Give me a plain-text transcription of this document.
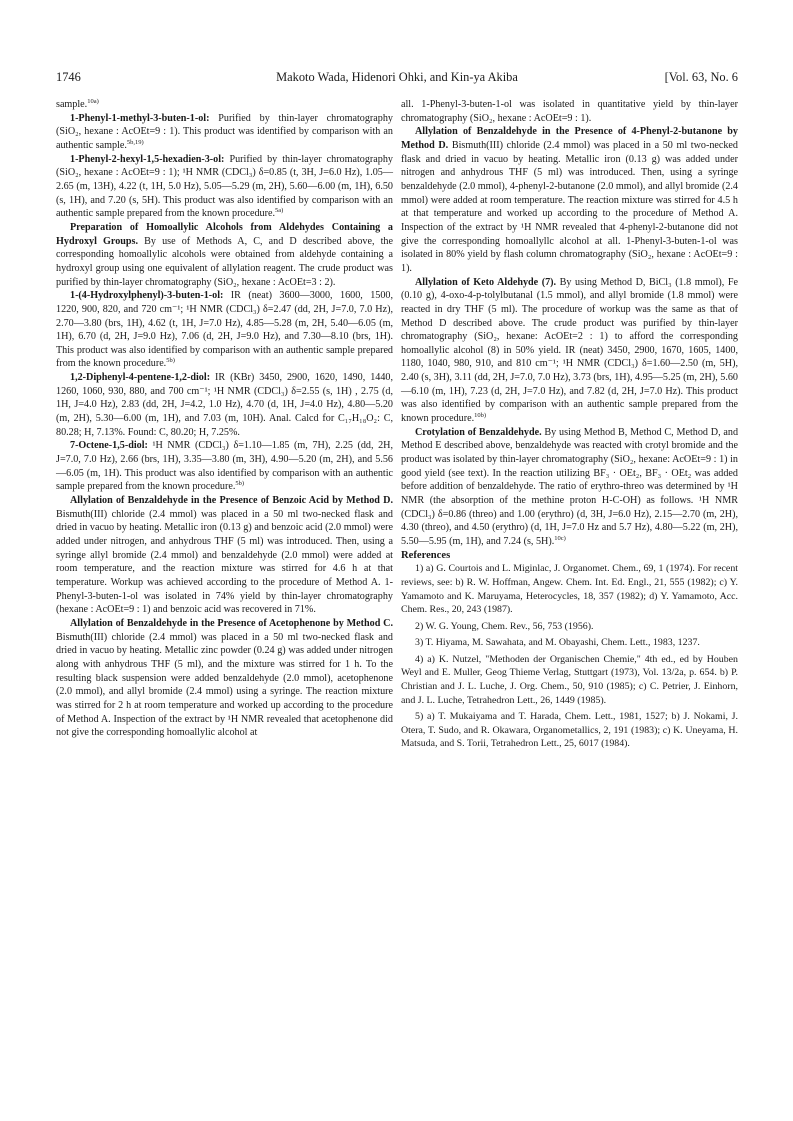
1746	Makoto Wada, Hidenori Ohki, and Kin-ya Akiba	[Vol. 63, No. 6

sample.$^{10a)}$

1-Phenyl-1-methyl-3-buten-1-ol: Purified by thin-layer chromatography (SiO₂, hexane : AcOEt=9 : 1). This product was identified by comparison with an authentic sample.$^{5b,19)}$

1-Phenyl-2-hexyl-1,5-hexadien-3-ol: Purified by thin-layer chromatography (SiO₂, hexane : AcOEt=9 : 1); ¹H NMR (CDCl₃) δ=0.85 (t, 3H, J=6.0 Hz), 1.05—2.65 (m, 13H), 4.22 (t, 1H, 5.0 Hz), 5.05—5.29 (m, 2H), 5.60—6.00 (m, 1H), 6.50 (s, 1H), and 7.20 (s, 5H). This product was also identified by comparison with an authentic sample prepared from the known procedure.$^{5a)}$

Preparation of Homoallylic Alcohols from Aldehydes Containing a Hydroxyl Groups. By use of Methods A, C, and D described above, the corresponding homoallylic alcohols were obtained from aldehyde containing a hydroxyl group using one equivalent of allylation reagent. The crude product was purified by thin-layer chromatography (SiO₂, hexane : AcOEt=3 : 2).

1-(4-Hydroxylphenyl)-3-buten-1-ol: IR (neat) 3600—3000, 1600, 1500, 1220, 900, 820, and 720 cm⁻¹; ¹H NMR (CDCl₃) δ=2.47 (dd, 2H, J=7.0, 7.0 Hz), 2.70—3.80 (brs, 1H), 4.62 (t, 1H, J=7.0 Hz), 4.85—5.28 (m, 2H, 5.40—6.05 (m, 1H), 6.70 (d, 2H, J=9.0 Hz), 7.06 (d, 2H, J=9.0 Hz), and 7.30—8.10 (brs, 1H). This product was also identified by comparison with an authentic sample prepared from the known procedure.$^{5b)}$

1,2-Diphenyl-4-pentene-1,2-diol: IR (KBr) 3450, 2900, 1620, 1490, 1440, 1260, 1060, 930, 880, and 700 cm⁻¹; ¹H NMR (CDCl₃) δ=2.55 (s, 1H) , 2.75 (d, 1H, J=4.0 Hz), 2.83 (dd, 2H, J=4.2, 1.0 Hz), 4.70 (d, 1H, J=4.0 Hz), 4.80—5.20 (m, 2H), 5.30—6.00 (m, 1H), and 7.03 (m, 10H). Anal. Calcd for C₁₇H₁₈O₂: C, 80.28; H, 7.13%. Found: C, 80.20; H, 7.25%.

7-Octene-1,5-diol: ¹H NMR (CDCl₃) δ=1.10—1.85 (m, 7H), 2.25 (dd, 2H, J=7.0, 7.0 Hz), 2.66 (brs, 1H), 3.35—3.80 (m, 3H), 4.90—5.20 (m, 2H), and 5.56—6.05 (m, 1H). This product was also identified by comparison with an authentic sample prepared from the known procedure.$^{5b)}$

Allylation of Benzaldehyde in the Presence of Benzoic Acid by Method D. Bismuth(III) chloride (2.4 mmol) was placed in a 50 ml two-necked flask and dried in vacuo by heating. Metallic iron (0.13 g) and benzoic acid (2.0 mmol) were added under nitrogen, and anhydrous THF (5 ml) was introduced. Then, using a syringe allyl bromide (2.4 mmol) and benzaldehyde (2.0 mmol) were added at room temperature, and the reaction mixture was stirred for 4.6 h at that temperature. Workup was achieved according to the procedure of Method A. 1-Phenyl-3-buten-1-ol was isolated in 74% yield by thin-layer chromatography (hexane : AcOEt=9 : 1) and benzoic acid was recovered in 71%.

Allylation of Benzaldehyde in the Presence of Acetophenone by Method C. Bismuth(III) chloride (2.4 mmol) was placed in a 50 ml two-necked flask and dried in vacuo by heating. Metallic zinc powder (0.24 g) was added under nitrogen along with anhydrous THF (5 ml), and the mixture was stirred for 1 h. To the resulting black suspension were added benzaldehyde (2.0 mmol), acetophenone (2.0 mmol), and allyl bromide (2.4 mmol) using a syringe. The reaction mixture was stirred for 2 h at room temperature and worked up according to the procedure of Method A. Inspection of the extract by ¹H NMR revealed that acetophenone did not give the corresponding homoallylic alcohol at

all. 1-Phenyl-3-buten-1-ol was isolated in quantitative yield by thin-layer chromatography (SiO₂, hexane : AcOEt=9 : 1).

Allylation of Benzaldehyde in the Presence of 4-Phenyl-2-butanone by Method D. Bismuth(III) chloride (2.4 mmol) was placed in a 50 ml two-necked flask and dried in vacuo by heating. Metallic iron (0.13 g) was added under nitrogen and anhydrous THF (5 ml) was introduced. Then, using a syringe benzaldehyde (2.0 mmol), 4-phenyl-2-butanone (2.0 mmol), and allyl bromide (2.4 mmol) were added at room temperature. The reaction mixture was stirred for 4.5 h at that temperature and worked up according to the procedure of Method A. Inspection of the extract by ¹H NMR revealed that 4-phenyl-2-butanone did not give the corresponding homoallyllc alcohol at all. 1-Phenyl-3-buten-1-ol was isolated in 80% yield by flash column chromatography (SiO₂, hexane : AcOEt=9 : 1).

Allylation of Keto Aldehyde (7). By using Method D, BiCl₃ (1.8 mmol), Fe (0.10 g), 4-oxo-4-p-tolylbutanal (1.5 mmol), and allyl bromide (1.8 mmol) were reacted in dry THF (5 ml). The procedure of workup was the same as that of Method D described above. The crude product was purified by thin-layer chromatography (SiO₂, hexane: AcOEt=2 : 1) to afford the corresponding homoallylic alcohol (8) in 50% yield. IR (neat) 3450, 2900, 1670, 1605, 1400, 1180, 1040, 980, 910, and 810 cm⁻¹; ¹H NMR (CDCl₃) δ=1.60—2.50 (m, 5H), 2.40 (s, 3H), 3.11 (dd, 2H, J=7.0, 7.0 Hz), 3.73 (brs, 1H), 4.95—5.25 (m, 2H), 5.60—6.10 (m, 1H), 7.23 (d, 2H, J=7.0 Hz), and 7.82 (d, 2H, J=7.0 Hz). This product was also identified by comparison with an authentic sample prepared from the known procedure.$^{10b)}$

Crotylation of Benzaldehyde. By using Method B, Method C, Method D, and Method E described above, benzaldehyde was reacted with crotyl bromide and the product was isolated by thin-layer chromatography (SiO₂, hexane: AcOEt=9 : 1) in good yield (see text). In the reaction utilizing BF₃ · OEt₂, BF₃ · OEt₂ was added before addition of benzaldehyde. The ratio of erythro-threo was determined by ¹H NMR (the absorption of the methine proton H-C-OH) as follows. ¹H NMR (CDCl₃) δ=0.86 (threo) and 1.00 (erythro) (d, 3H, J=6.0 Hz), 2.15—2.70 (m, 2H), 4.30 (threo), and 4.50 (erythro) (d, 1H, J=7.0 Hz and 5.7 Hz), 4.80—5.22 (m, 2H), 5.50—5.95 (m, 1H), and 7.24 (s, 5H).$^{10c)}$

References

1) a) G. Courtois and L. Miginlac, J. Organomet. Chem., 69, 1 (1974). For recent reviews, see: b) R. W. Hoffman, Angew. Chem. Int. Ed. Engl., 21, 555 (1982); c) Y. Yamamoto and K. Maruyama, Heterocycles, 18, 357 (1982); d) Y. Yamamoto, Acc. Chem. Res., 20, 243 (1987).

2) W. G. Young, Chem. Rev., 56, 753 (1956).

3) T. Hiyama, M. Sawahata, and M. Obayashi, Chem. Lett., 1983, 1237.

4) a) K. Nutzel, "Methoden der Organischen Chemie," 4th ed., ed by Houben Weyl and E. Muller, Geog Thieme Verlag, Stuttgart (1973), Vol. 13/2a, p. 654. b) P. Christian and J. L. Luche, J. Org. Chem., 50, 910 (1985); c) C. Petrier, J. Einhorn, and J. L. Luche, Tetrahedron Lett., 26, 1449 (1985).

5) a) T. Mukaiyama and T. Harada, Chem. Lett., 1981, 1527; b) J. Nokami, J. Otera, T. Sudo, and R. Okawara, Organometallics, 2, 191 (1983); c) K. Uneyama, H. Matsuda, and S. Torii, Tetrahedron Lett., 25, 6017 (1984).
